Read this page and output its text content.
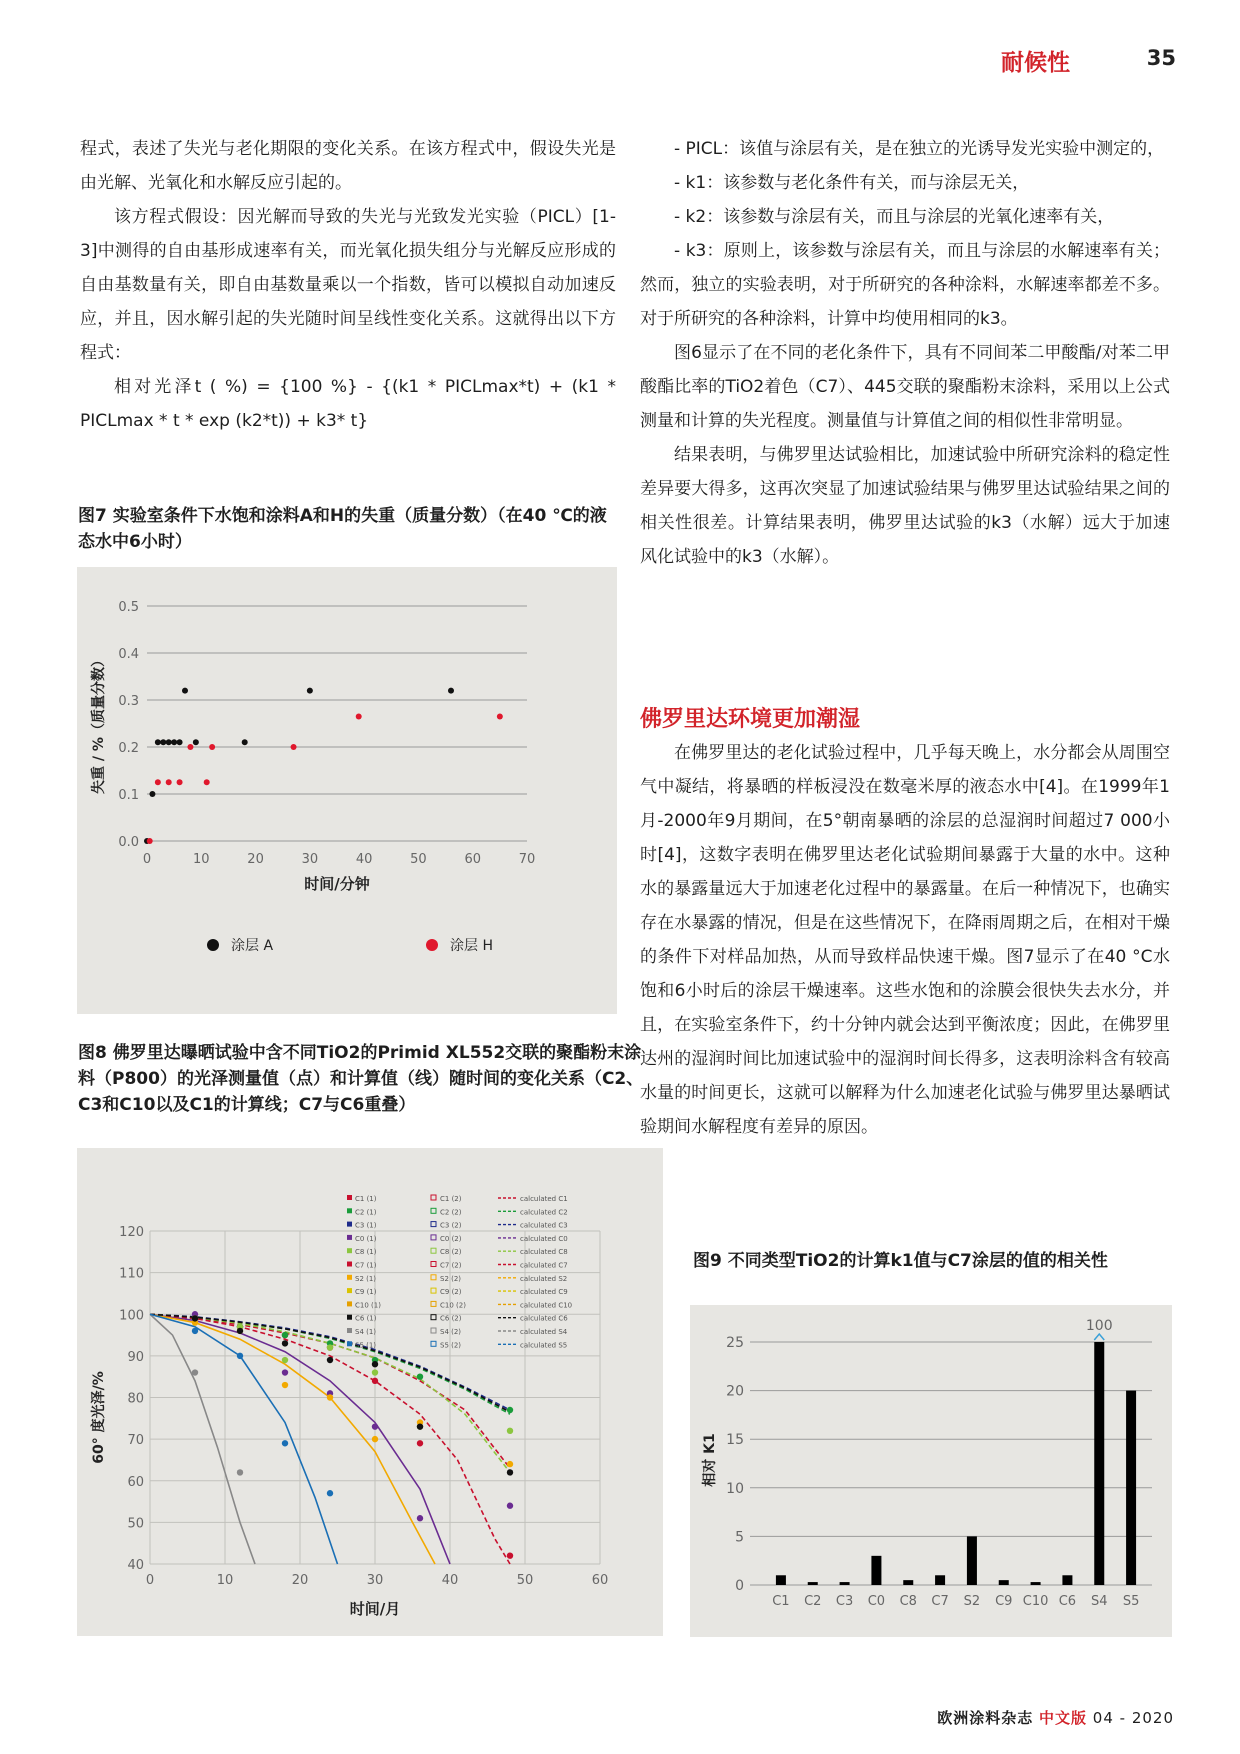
耐候性	35

程式，表述了失光与老化期限的变化关系。在该方程式中，假设失光是由光解、光氧化和水解反应引起的。

该方程式假设：因光解而导致的失光与光致发光实验（PICL）[1-3]中测得的自由基形成速率有关，而光氧化损失组分与光解反应形成的自由基数量有关，即自由基数量乘以一个指数，皆可以模拟自动加速反应，并且，因水解引起的失光随时间呈线性变化关系。这就得出以下方程式：

相对光泽t ( %) = {100 %} - {(k1 * PICLmax*t) + (k1 * PICLmax * t * exp (k2*t)) + k3* t}

图7 实验室条件下水饱和涂料A和H的失重（质量分数）（在40 ℃的液态水中6小时）
0.0
0.1
0.2
0.3
0.4
0.5
0	10	20	30	40	50	60	70
时间/分钟
失重 / %（质量分数）
涂层 A	涂层 H
图8 佛罗里达曝晒试验中含不同TiO2的Primid XL552交联的聚酯粉末涂料（P800）的光泽测量值（点）和计算值（线）随时间的变化关系（C2、C3和C10以及C1的计算线；C7与C6重叠）
40
50
60
70
80
90
100
110
120
0	10	20	30	40	50	60
时间/月
60° 度光泽/%
C1 (1)
C2 (1)
C3 (1)
C0 (1)
C8 (1)
C7 (1)
S2 (1)
C9 (1)
C10 (1)
C6 (1)
S4 (1)
S5 (1)
C1 (2)
C2 (2)
C3 (2)
C0 (2)
C8 (2)
C7 (2)
S2 (2)
C9 (2)
C10 (2)
C6 (2)
S4 (2)
S5 (2)
calculated C1
calculated C2
calculated C3
calculated C0
calculated C8
calculated C7
calculated S2
calculated C9
calculated C10
calculated C6
calculated S4
calculated S5

- PICL：该值与涂层有关，是在独立的光诱导发光实验中测定的，

- k1：该参数与老化条件有关，而与涂层无关，

- k2：该参数与涂层有关，而且与涂层的光氧化速率有关，

- k3：原则上，该参数与涂层有关，而且与涂层的水解速率有关；然而，独立的实验表明，对于所研究的各种涂料，水解速率都差不多。对于所研究的各种涂料，计算中均使用相同的k3。

图6显示了在不同的老化条件下，具有不同间苯二甲酸酯/对苯二甲酸酯比率的TiO2着色（C7）、445交联的聚酯粉末涂料，采用以上公式测量和计算的失光程度。测量值与计算值之间的相似性非常明显。

结果表明，与佛罗里达试验相比，加速试验中所研究涂料的稳定性差异要大得多，这再次突显了加速试验结果与佛罗里达试验结果之间的相关性很差。计算结果表明，佛罗里达试验的k3（水解）远大于加速风化试验中的k3（水解）。

佛罗里达环境更加潮湿

在佛罗里达的老化试验过程中，几乎每天晚上，水分都会从周围空气中凝结，将暴晒的样板浸没在数毫米厚的液态水中[4]。在1999年1月-2000年9月期间，在5°朝南暴晒的涂层的总湿润时间超过7 000小时[4]，这数字表明在佛罗里达老化试验期间暴露于大量的水中。这种水的暴露量远大于加速老化过程中的暴露量。在后一种情况下，也确实存在水暴露的情况，但是在这些情况下，在降雨周期之后，在相对干燥的条件下对样品加热，从而导致样品快速干燥。图7显示了在40 °C水饱和6小时后的涂层干燥速率。这些水饱和的涂膜会很快失去水分，并且，在实验室条件下，约十分钟内就会达到平衡浓度；因此，在佛罗里达州的湿润时间比加速试验中的湿润时间长得多，这表明涂料含有较高水量的时间更长，这就可以解释为什么加速老化试验与佛罗里达暴晒试验期间水解程度有差异的原因。

图9 不同类型TiO2的计算k1值与C7涂层的值的相关性
0
5
10
15
20
25
相对 K1
C1 C2 C3 C0 C8 C7 S2 C9 C10 C6 S4
100
S5
欧洲涂料杂志 中文版 04 - 2020
